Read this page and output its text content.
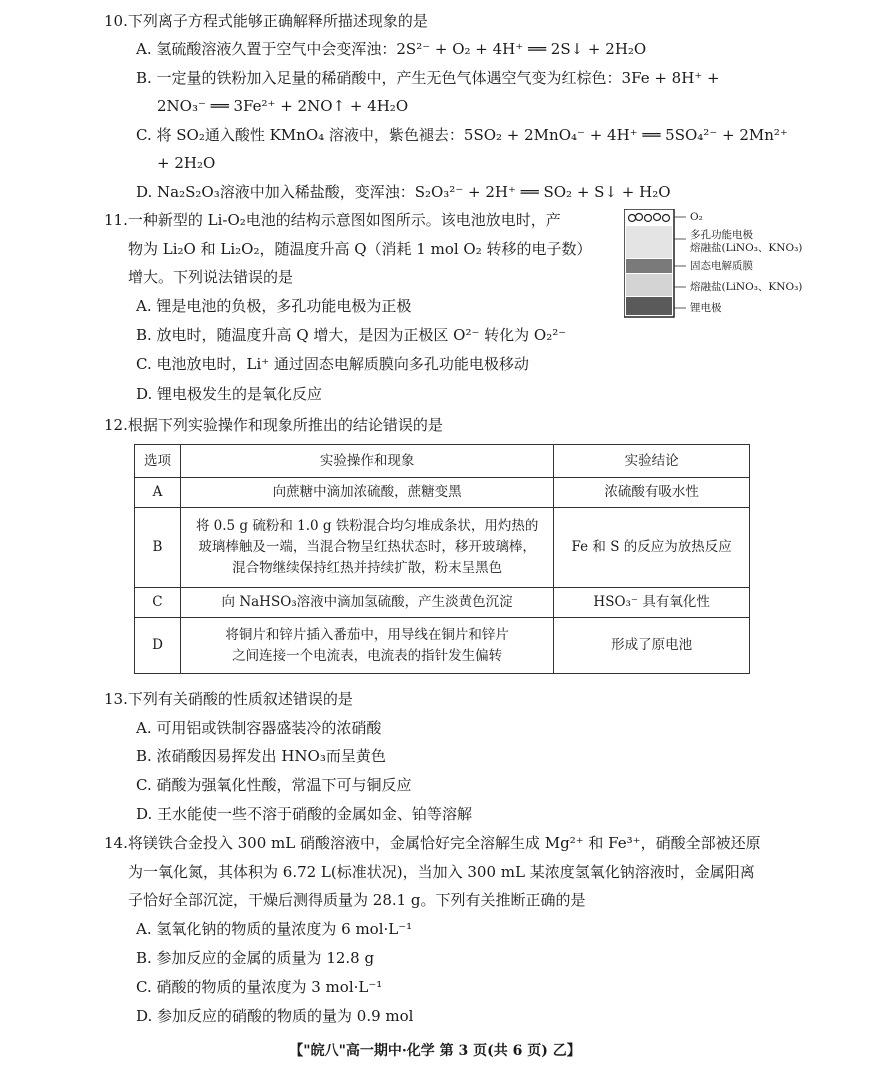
10.下列离子方程式能够正确解释所描述现象的是
A. 氢硫酸溶液久置于空气中会变浑浊：2S²⁻ + O₂ + 4H⁺ ══ 2S↓ + 2H₂O
B. 一定量的铁粉加入足量的稀硝酸中，产生无色气体遇空气变为红棕色：3Fe + 8H⁺ +
2NO₃⁻ ══ 3Fe²⁺ + 2NO↑ + 4H₂O
C. 将 SO₂通入酸性 KMnO₄ 溶液中，紫色褪去：5SO₂ + 2MnO₄⁻ + 4H⁺ ══ 5SO₄²⁻ + 2Mn²⁺
+ 2H₂O
D. Na₂S₂O₃溶液中加入稀盐酸，变浑浊：S₂O₃²⁻ + 2H⁺ ══ SO₂ + S↓ + H₂O
11.一种新型的 Li-O₂电池的结构示意图如图所示。该电池放电时，产
物为 Li₂O 和 Li₂O₂，随温度升高 Q（消耗 1 mol O₂ 转移的电子数）
增大。下列说法错误的是
A. 锂是电池的负极，多孔功能电极为正极
B. 放电时，随温度升高 Q 增大，是因为正极区 O²⁻ 转化为 O₂²⁻
C. 电池放电时，Li⁺ 通过固态电解质膜向多孔功能电极移动
D. 锂电极发生的是氧化反应
O₂
多孔功能电极
熔融盐(LiNO₃、KNO₃)
固态电解质膜
熔融盐(LiNO₃、KNO₃)
锂电极
12.根据下列实验操作和现象所推出的结论错误的是
选项	实验操作和现象	实验结论
A	向蔗糖中滴加浓硫酸，蔗糖变黑	浓硫酸有吸水性
B	将 0.5 g 硫粉和 1.0 g 铁粉混合均匀堆成条状，用灼热的
玻璃棒触及一端，当混合物呈红热状态时，移开玻璃棒，
混合物继续保持红热并持续扩散，粉末呈黑色	Fe 和 S 的反应为放热反应
C	向 NaHSO₃溶液中滴加氢硫酸，产生淡黄色沉淀	HSO₃⁻ 具有氧化性
D	将铜片和锌片插入番茄中，用导线在铜片和锌片
之间连接一个电流表，电流表的指针发生偏转	形成了原电池
13.下列有关硝酸的性质叙述错误的是
A. 可用铝或铁制容器盛装冷的浓硝酸
B. 浓硝酸因易挥发出 HNO₃而呈黄色
C. 硝酸为强氧化性酸，常温下可与铜反应
D. 王水能使一些不溶于硝酸的金属如金、铂等溶解
14.将镁铁合金投入 300 mL 硝酸溶液中，金属恰好完全溶解生成 Mg²⁺ 和 Fe³⁺，硝酸全部被还原
为一氧化氮，其体积为 6.72 L(标准状况)，当加入 300 mL 某浓度氢氧化钠溶液时，金属阳离
子恰好全部沉淀，干燥后测得质量为 28.1 g。下列有关推断正确的是
A. 氢氧化钠的物质的量浓度为 6 mol·L⁻¹
B. 参加反应的金属的质量为 12.8 g
C. 硝酸的物质的量浓度为 3 mol·L⁻¹
D. 参加反应的硝酸的物质的量为 0.9 mol
【"皖八"高一期中·化学 第 3 页(共 6 页) 乙】
